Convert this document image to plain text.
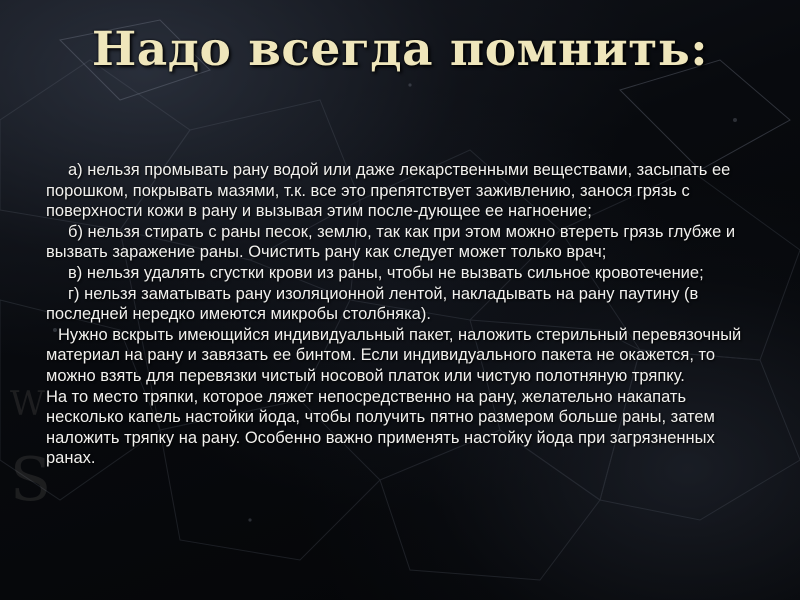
S
W
Надо всегда помнить:

а) нельзя промывать рану водой или даже лекарственными веществами, засыпать ее порошком, покрывать мазями, т.к. все это препятствует заживлению, занося грязь с поверхности кожи в рану и вызывая этим после-дующее ее нагноение;

б) нельзя стирать с раны песок, землю, так как при этом можно втереть грязь глубже и вызвать заражение раны. Очистить рану как следует может только врач;

в) нельзя удалять сгустки крови из раны, чтобы не вызвать сильное кровотечение;

г) нельзя заматывать рану изоляционной лентой, накладывать на рану паутину (в последней нередко имеются микробы столбняка).

Нужно вскрыть имеющийся индивидуальный пакет, наложить стерильный перевязочный материал на рану и завязать ее бинтом. Если индивидуального пакета не окажется, то можно взять для перевязки чистый носовой платок или чистую полотняную тряпку.

На то место тряпки, которое ляжет непосредственно на рану, желательно накапать несколько капель настойки йода, чтобы получить пятно размером больше раны, затем наложить тряпку на рану. Особенно важно применять настойку йода при загрязненных ранах.
